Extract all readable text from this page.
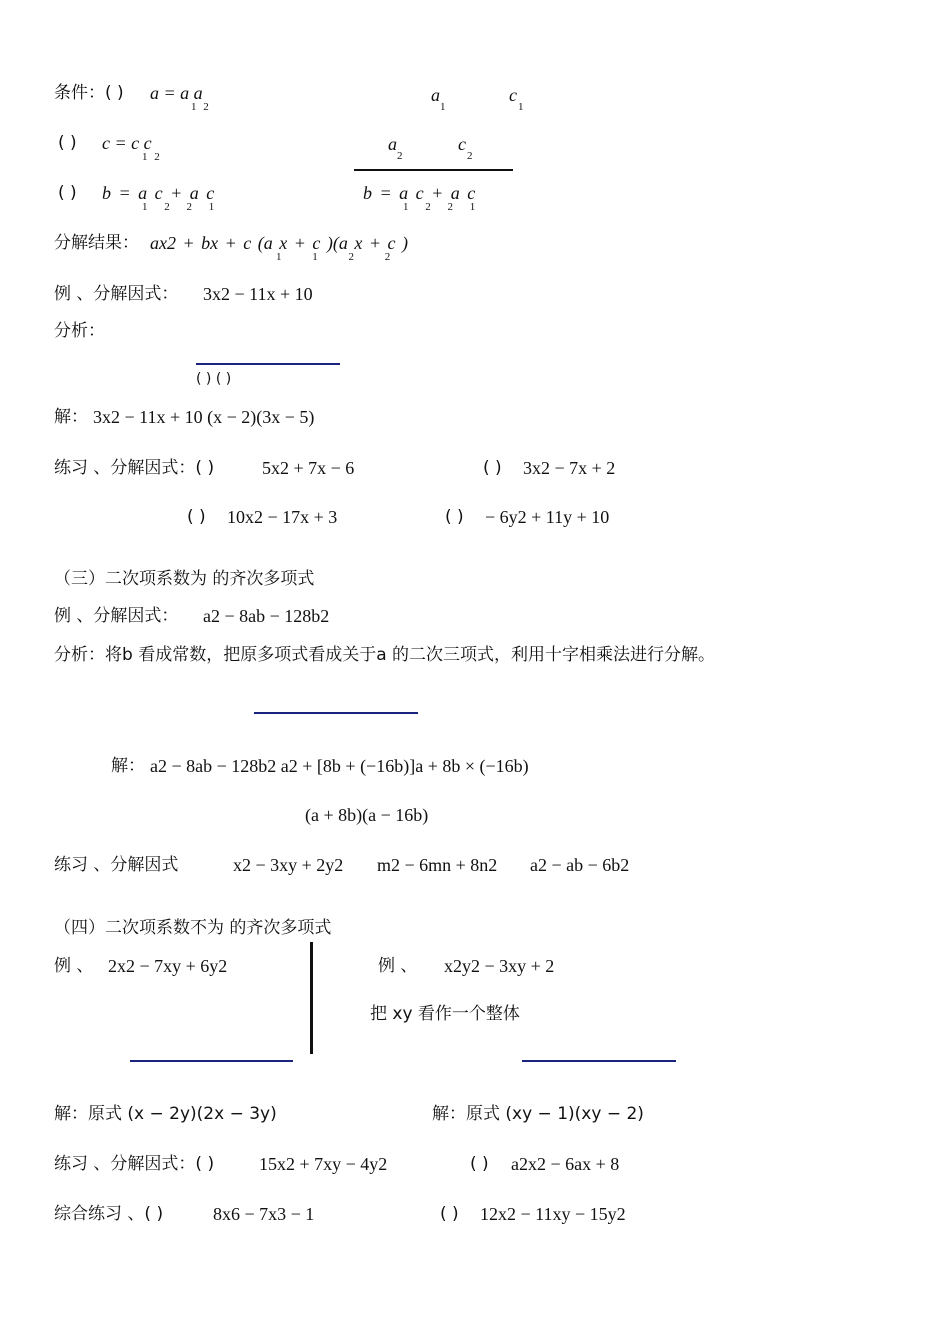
条件：( ) a = a a
1 2
( ) c = c c
1 2
( ) b = a c + a c
1 2 2 1
a
1
c
1
a
2
c
2
b = a c + a c
1 2 2 1
分解结果： ax2 + bx + c (a x + c )(a x + c )
1 1 2 2
例 、分解因式： 3x2 − 11x + 10
分析：
( ) ( )
解： 3x2 − 11x + 10 (x − 2)(3x − 5)
练习 、分解因式：( )	5x2 + 7x − 6	( ) 3x2 − 7x + 2
( ) 10x2 − 17x + 3	( ) − 6y2 + 11y + 10
（三）二次项系数为 的齐次多项式
例 、分解因式： a2 − 8ab − 128b2
分析：将b 看成常数，把原多项式看成关于a 的二次三项式，利用十字相乘法进行分解。
解： a2 − 8ab − 128b2 a2 + [8b + (−16b)]a + 8b × (−16b)
(a + 8b)(a − 16b)
练习 、分解因式	x2 − 3xy + 2y2 m2 − 6mn + 8n2 a2 − ab − 6b2
（四）二次项系数不为 的齐次多项式
例 、 2x2 − 7xy + 6y2	例 、 x2y2 − 3xy + 2
把 xy 看作一个整体
解：原式 (x − 2y)(2x − 3y)	解：原式 (xy − 1)(xy − 2)
练习 、分解因式：( ) 15x2 + 7xy − 4y2	( ) a2x2 − 6ax + 8
综合练习 、( )	8x6 − 7x3 − 1	( ) 12x2 − 11xy − 15y2
